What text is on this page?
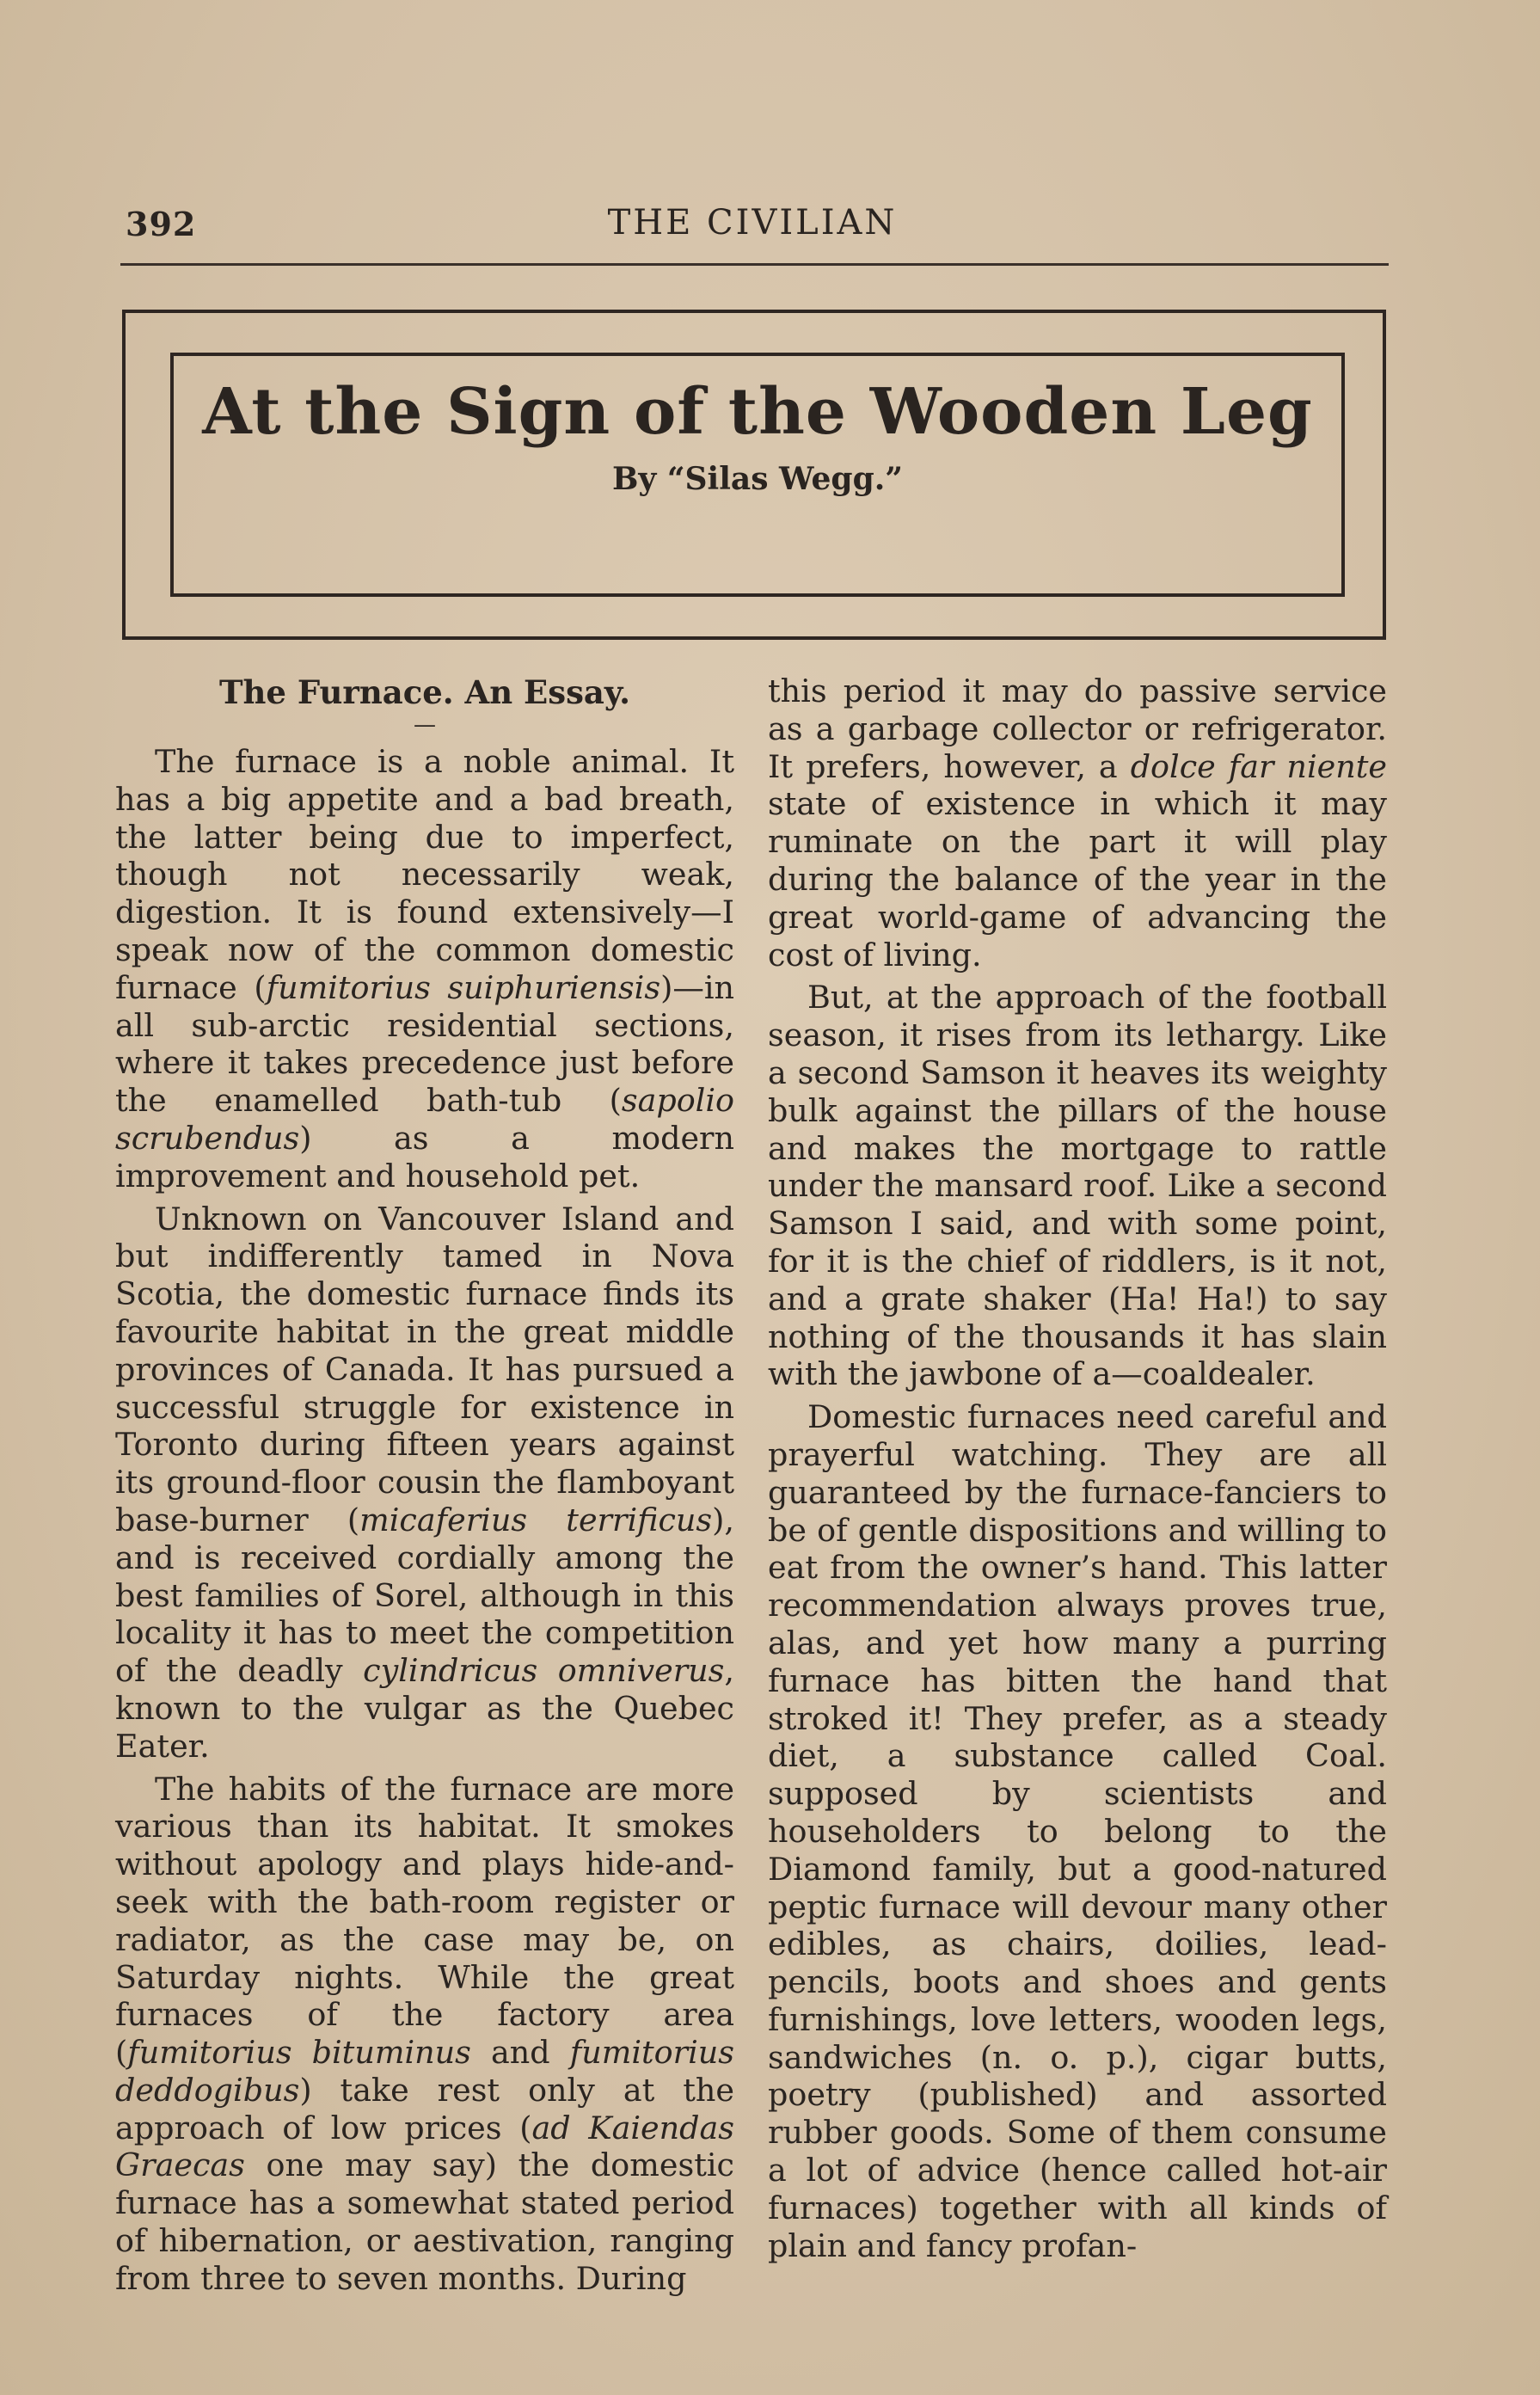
392	THE CIVILIAN
At the Sign of the Wooden Leg
By “Silas Wegg.”
The Furnace. An Essay.
—

The furnace is a noble animal. It has a big appetite and a bad breath, the latter being due to imperfect, though not necessarily weak, digestion. It is found extensively—I speak now of the common domestic furnace (fumitorius suiphuriensis)—in all sub-arctic residential sections, where it takes precedence just before the enamelled bath-tub (sapolio scrubendus) as a modern improvement and household pet.

Unknown on Vancouver Island and but indifferently tamed in Nova Scotia, the domestic furnace finds its favourite habitat in the great middle provinces of Canada. It has pursued a successful struggle for existence in Toronto during fifteen years against its ground-floor cousin the flamboyant base-burner (micaferius terrificus), and is received cordially among the best families of Sorel, although in this locality it has to meet the competition of the deadly cylindricus omniverus, known to the vulgar as the Quebec Eater.

The habits of the furnace are more various than its habitat. It smokes without apology and plays hide-and-seek with the bath-room register or radiator, as the case may be, on Saturday nights. While the great furnaces of the factory area (fumitorius bituminus and fumitorius deddogibus) take rest only at the approach of low prices (ad Kaiendas Graecas one may say) the domestic furnace has a somewhat stated period of hibernation, or aestivation, ranging from three to seven months. During

this period it may do passive service as a garbage collector or refrigerator. It prefers, however, a dolce far niente state of existence in which it may ruminate on the part it will play during the balance of the year in the great world-game of advancing the cost of living.

But, at the approach of the football season, it rises from its lethargy. Like a second Samson it heaves its weighty bulk against the pillars of the house and makes the mortgage to rattle under the mansard roof. Like a second Samson I said, and with some point, for it is the chief of riddlers, is it not, and a grate shaker (Ha! Ha!) to say nothing of the thousands it has slain with the jawbone of a—coaldealer.

Domestic furnaces need careful and prayerful watching. They are all guaranteed by the furnace-fanciers to be of gentle dispositions and willing to eat from the owner’s hand. This latter recommendation always proves true, alas, and yet how many a purring furnace has bitten the hand that stroked it! They prefer, as a steady diet, a substance called Coal. supposed by scientists and householders to belong to the Diamond family, but a good-natured peptic furnace will devour many other edibles, as chairs, doilies, lead-pencils, boots and shoes and gents furnishings, love letters, wooden legs, sandwiches (n. o. p.), cigar butts, poetry (published) and assorted rubber goods. Some of them consume a lot of advice (hence called hot-air furnaces) together with all kinds of plain and fancy profan-
